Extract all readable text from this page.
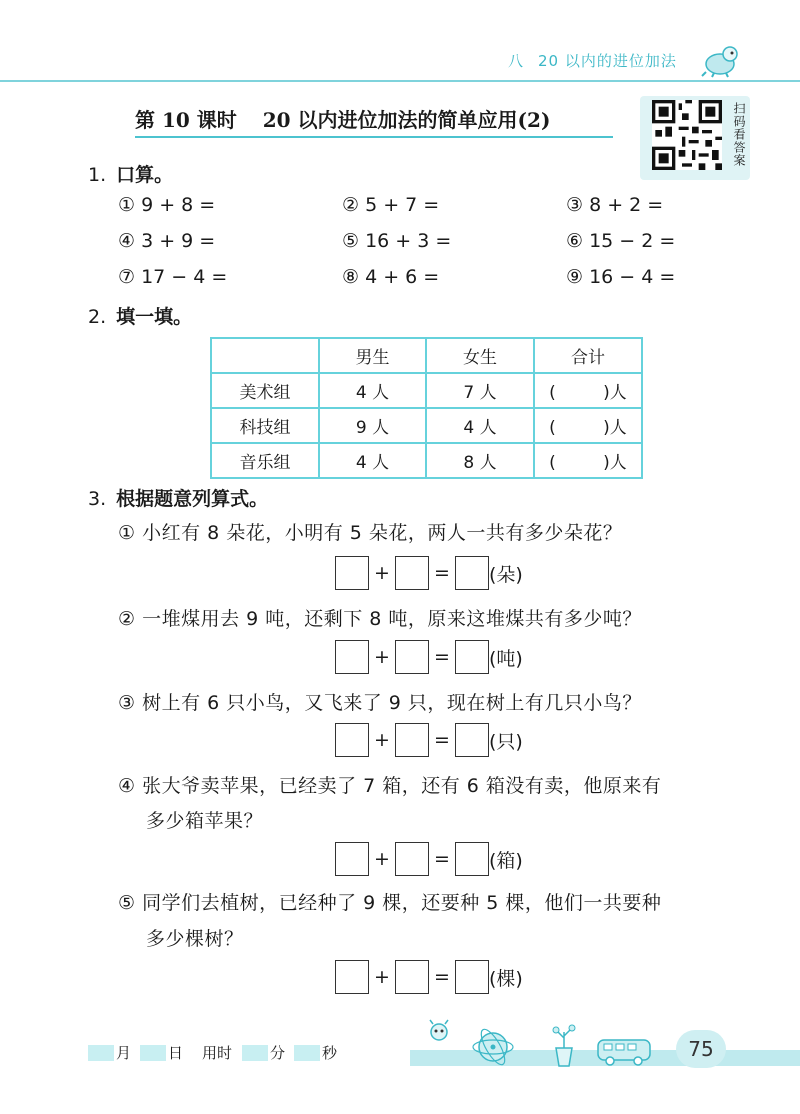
八 20 以内的进位加法
第 10 课时 20 以内进位加法的简单应用(2)	扫码看答案
1. 口算。
① 9 + 8 =	② 5 + 7 =	③ 8 + 2 =
④ 3 + 9 =	⑤ 16 + 3 =	⑥ 15 − 2 =
⑦ 17 − 4 =	⑧ 4 + 6 =	⑨ 16 − 4 =
2. 填一填。
	男生	女生	合计
美术组	4 人	7 人	( )人
科技组	9 人	4 人	( )人
音乐组	4 人	8 人	( )人
3. 根据题意列算式。
① 小红有 8 朵花，小明有 5 朵花，两人一共有多少朵花？
+ = (朵)
② 一堆煤用去 9 吨，还剩下 8 吨，原来这堆煤共有多少吨？
+ = (吨)
③ 树上有 6 只小鸟，又飞来了 9 只，现在树上有几只小鸟？
+ = (只)
④ 张大爷卖苹果，已经卖了 7 箱，还有 6 箱没有卖，他原来有
多少箱苹果？
+ = (箱)
⑤ 同学们去植树，已经种了 9 棵，还要种 5 棵，他们一共要种
多少棵树？
+ = (棵)
月 日 用时	分 秒	75
